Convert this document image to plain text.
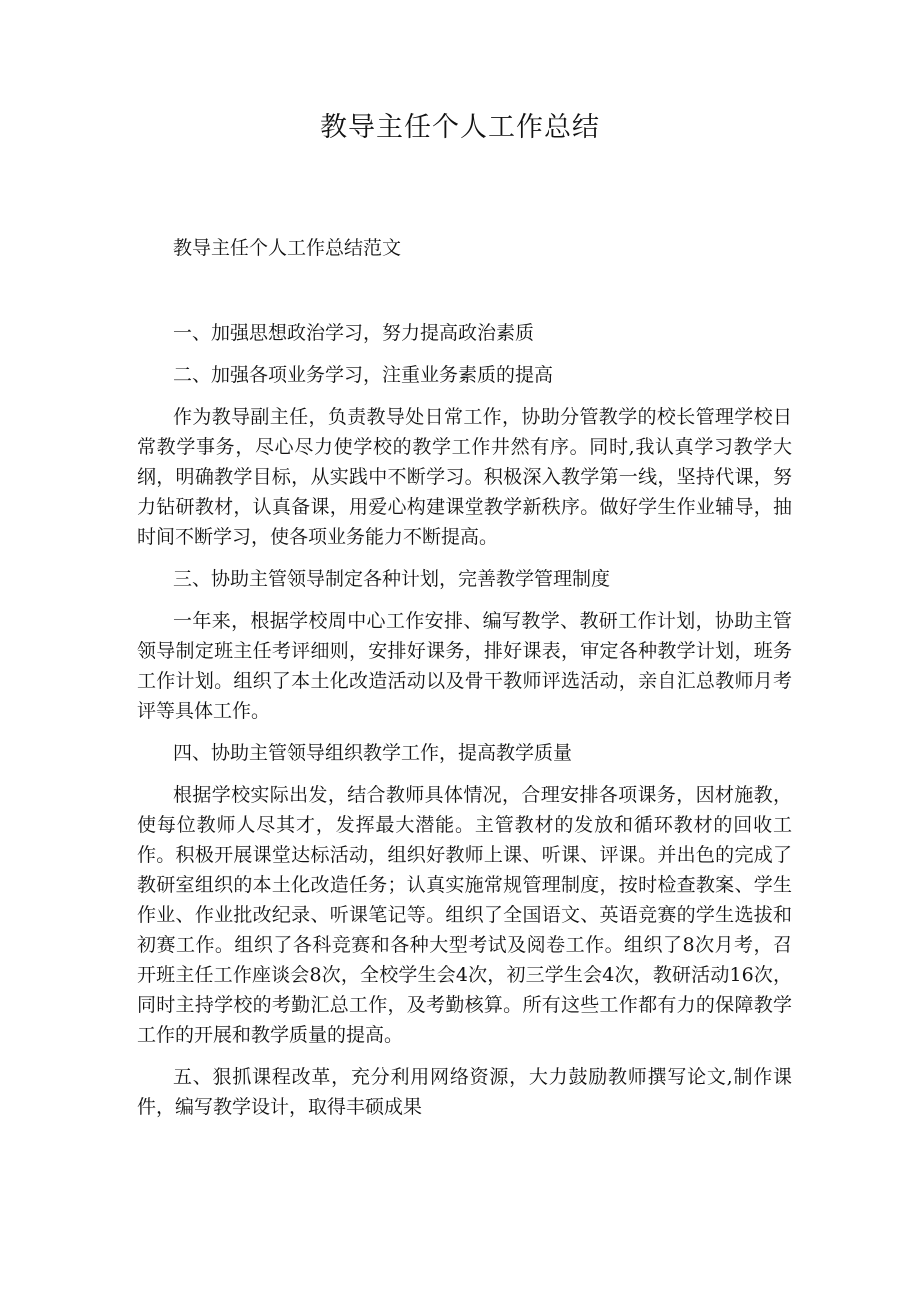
教导主任个人工作总结

教导主任个人工作总结范文

一、加强思想政治学习，努力提高政治素质

二、加强各项业务学习，注重业务素质的提高

作为教导副主任，负责教导处日常工作，协助分管教学的校长管理学校日常教学事务，尽心尽力使学校的教学工作井然有序。同时,我认真学习教学大纲，明确教学目标，从实践中不断学习。积极深入教学第一线，坚持代课，努力钻研教材，认真备课，用爱心构建课堂教学新秩序。做好学生作业辅导，抽时间不断学习，使各项业务能力不断提高。

三、协助主管领导制定各种计划，完善教学管理制度

一年来，根据学校周中心工作安排、编写教学、教研工作计划，协助主管领导制定班主任考评细则，安排好课务，排好课表，审定各种教学计划，班务工作计划。组织了本土化改造活动以及骨干教师评选活动，亲自汇总教师月考评等具体工作。

四、协助主管领导组织教学工作，提高教学质量

根据学校实际出发，结合教师具体情况，合理安排各项课务，因材施教，使每位教师人尽其才，发挥最大潜能。主管教材的发放和循环教材的回收工作。积极开展课堂达标活动，组织好教师上课、听课、评课。并出色的完成了教研室组织的本土化改造任务；认真实施常规管理制度，按时检查教案、学生作业、作业批改纪录、听课笔记等。组织了全国语文、英语竞赛的学生选拔和初赛工作。组织了各科竞赛和各种大型考试及阅卷工作。组织了8次月考，召开班主任工作座谈会8次，全校学生会4次，初三学生会4次，教研活动16次，同时主持学校的考勤汇总工作，及考勤核算。所有这些工作都有力的保障教学工作的开展和教学质量的提高。

五、狠抓课程改革，充分利用网络资源，大力鼓励教师撰写论文,制作课件，编写教学设计，取得丰硕成果
